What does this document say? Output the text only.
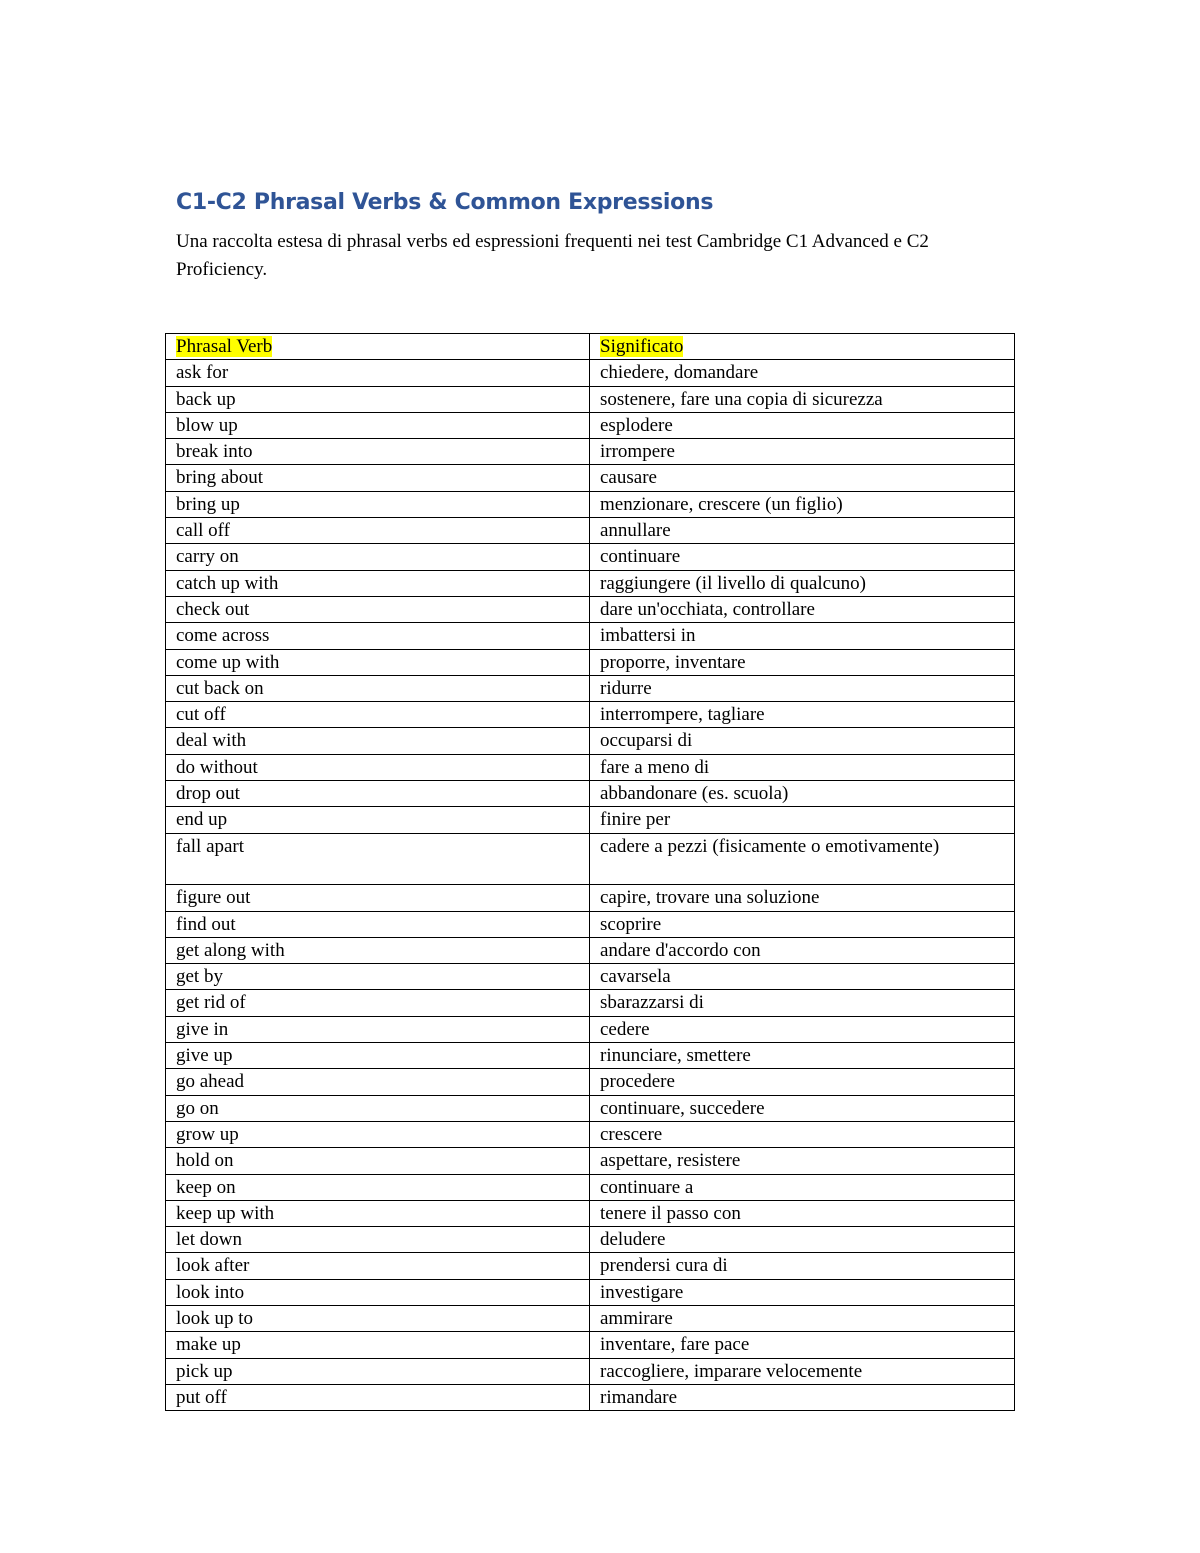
C1-C2 Phrasal Verbs & Common Expressions

Una raccolta estesa di phrasal verbs ed espressioni frequenti nei test Cambridge C1 Advanced e C2 Proficiency.

Phrasal Verb	Significato
ask for	chiedere, domandare
back up	sostenere, fare una copia di sicurezza
blow up	esplodere
break into	irrompere
bring about	causare
bring up	menzionare, crescere (un figlio)
call off	annullare
carry on	continuare
catch up with	raggiungere (il livello di qualcuno)
check out	dare un'occhiata, controllare
come across	imbattersi in
come up with	proporre, inventare
cut back on	ridurre
cut off	interrompere, tagliare
deal with	occuparsi di
do without	fare a meno di
drop out	abbandonare (es. scuola)
end up	finire per
fall apart	cadere a pezzi (fisicamente o emotivamente)
figure out	capire, trovare una soluzione
find out	scoprire
get along with	andare d'accordo con
get by	cavarsela
get rid of	sbarazzarsi di
give in	cedere
give up	rinunciare, smettere
go ahead	procedere
go on	continuare, succedere
grow up	crescere
hold on	aspettare, resistere
keep on	continuare a
keep up with	tenere il passo con
let down	deludere
look after	prendersi cura di
look into	investigare
look up to	ammirare
make up	inventare, fare pace
pick up	raccogliere, imparare velocemente
put off	rimandare
